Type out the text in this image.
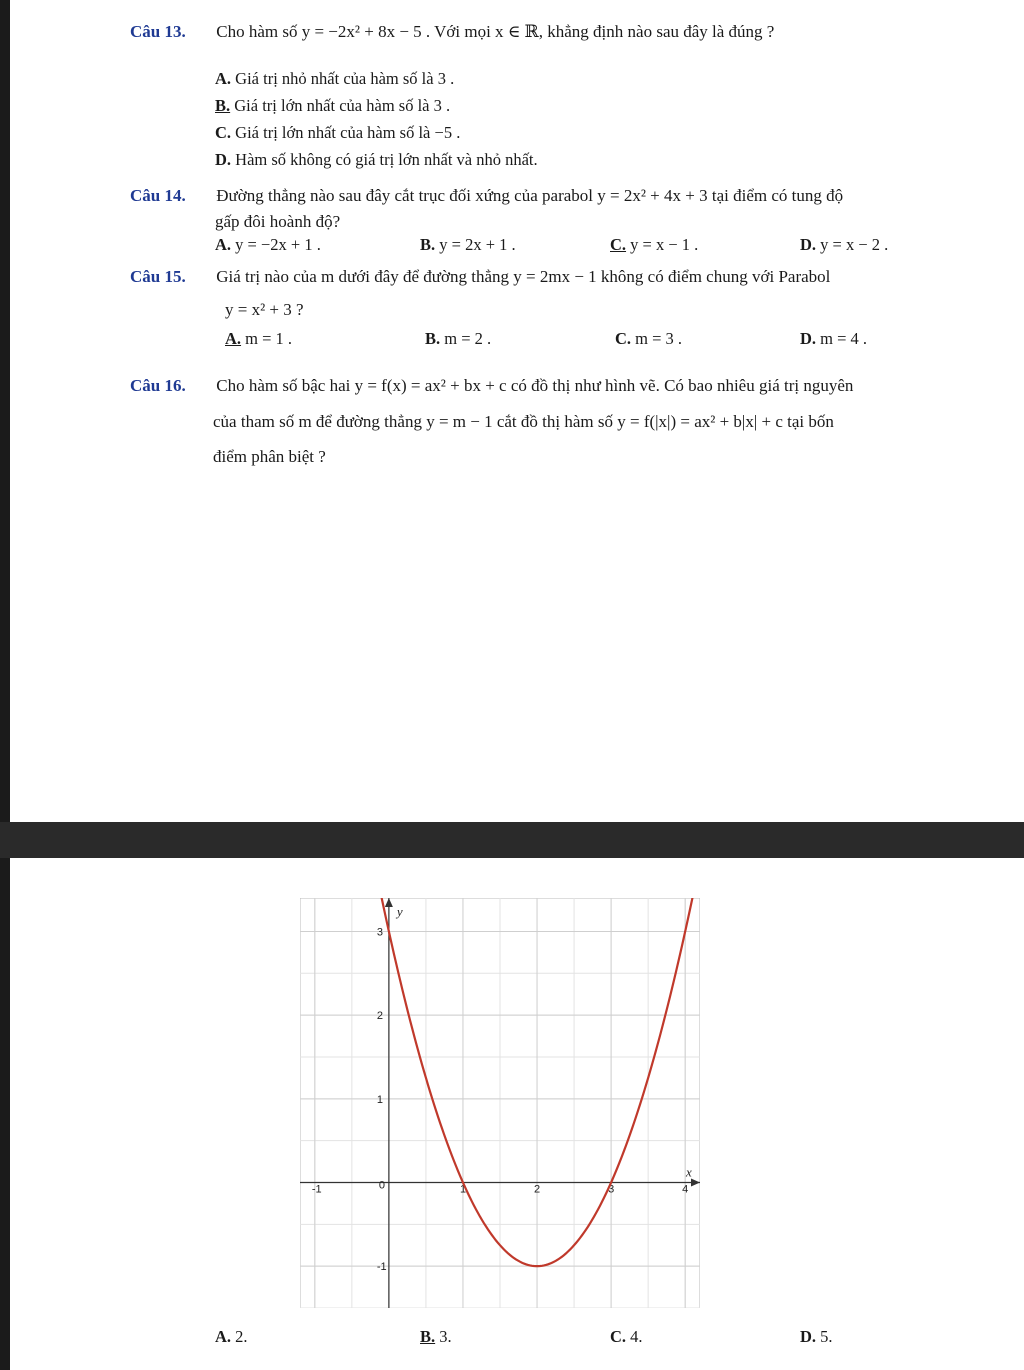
Câu 13. Cho hàm số y = −2x² + 8x − 5 . Với mọi x ∈ ℝ, khẳng định nào sau đây là đúng ?
A. Giá trị nhỏ nhất của hàm số là 3 .
B. Giá trị lớn nhất của hàm số là 3 .
C. Giá trị lớn nhất của hàm số là −5 .
D. Hàm số không có giá trị lớn nhất và nhỏ nhất.
Câu 14. Đường thẳng nào sau đây cắt trục đối xứng của parabol y = 2x² + 4x + 3 tại điểm có tung độ
gấp đôi hoành độ?
A. y = −2x + 1 .	B. y = 2x + 1 .	C. y = x − 1 .	D. y = x − 2 .
Câu 15. Giá trị nào của m dưới đây để đường thẳng y = 2mx − 1 không có điểm chung với Parabol
y = x² + 3 ?
A. m = 1 .	B. m = 2 .	C. m = 3 .	D. m = 4 .
Câu 16. Cho hàm số bậc hai y = f(x) = ax² + bx + c có đồ thị như hình vẽ. Có bao nhiêu giá trị nguyên
của tham số m để đường thẳng y = m − 1 cắt đồ thị hàm số y = f(|x|) = ax² + b|x| + c tại bốn
điểm phân biệt ?
-1	0	1	2	3	4
-1
1
2
3
x
y
A. 2.	B. 3.	C. 4.	D. 5.
